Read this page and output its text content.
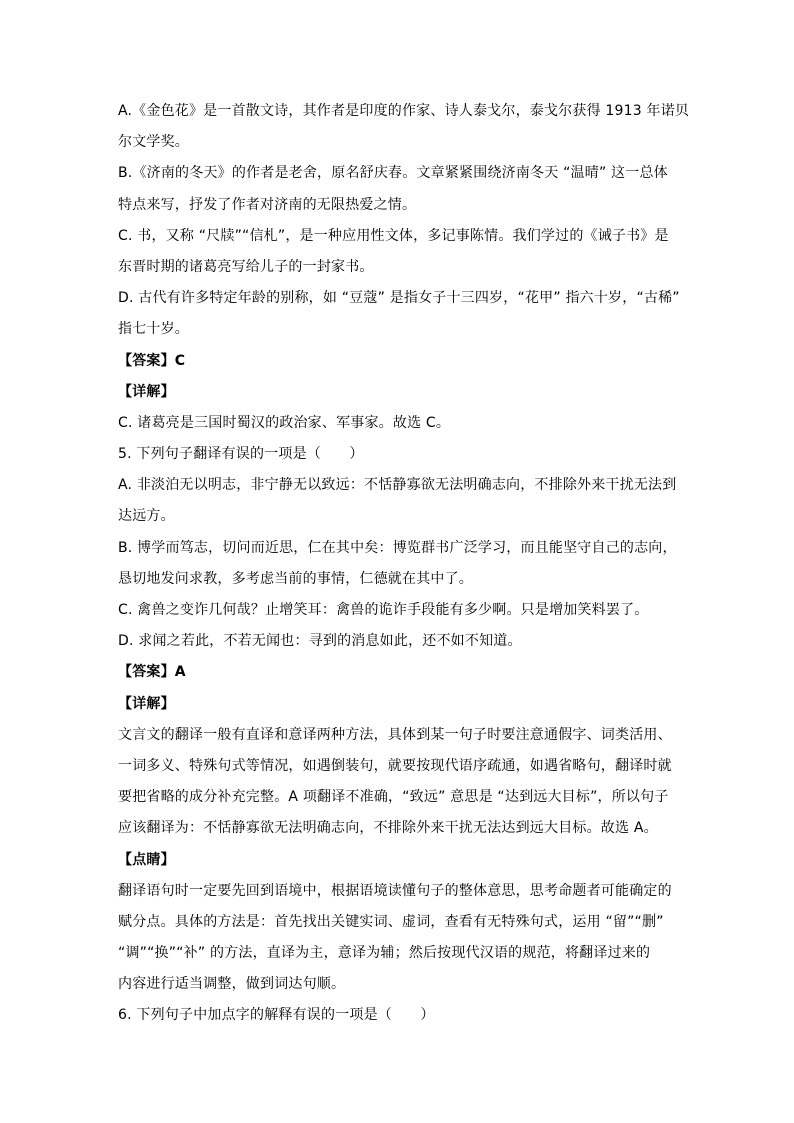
A.《金色花》是一首散文诗，其作者是印度的作家、诗人泰戈尔，泰戈尔获得 1913 年诺贝
尔文学奖。
B.《济南的冬天》的作者是老舍，原名舒庆春。文章紧紧围绕济南冬天 “温晴” 这一总体
特点来写，抒发了作者对济南的无限热爱之情。
C. 书，又称 “尺牍”“信札”，是一种应用性文体，多记事陈情。我们学过的《诫子书》是
东晋时期的诸葛亮写给儿子的一封家书。
D. 古代有许多特定年龄的别称，如 “豆蔻” 是指女子十三四岁，“花甲” 指六十岁，“古稀”
指七十岁。
【答案】C
【详解】
C. 诸葛亮是三国时蜀汉的政治家、军事家。故选 C。
5. 下列句子翻译有误的一项是（　　）
A. 非淡泊无以明志，非宁静无以致远：不恬静寡欲无法明确志向，不排除外来干扰无法到
达远方。
B. 博学而笃志，切问而近思，仁在其中矣：博览群书广泛学习，而且能坚守自己的志向，
恳切地发问求教，多考虑当前的事情，仁德就在其中了。
C. 禽兽之变诈几何哉？止增笑耳：禽兽的诡诈手段能有多少啊。只是增加笑料罢了。
D. 求闻之若此，不若无闻也：寻到的消息如此，还不如不知道。
【答案】A
【详解】
文言文的翻译一般有直译和意译两种方法，具体到某一句子时要注意通假字、词类活用、
一词多义、特殊句式等情况，如遇倒装句，就要按现代语序疏通，如遇省略句，翻译时就
要把省略的成分补充完整。A 项翻译不准确，“致远” 意思是 “达到远大目标”，所以句子
应该翻译为：不恬静寡欲无法明确志向，不排除外来干扰无法达到远大目标。故选 A。
【点睛】
翻译语句时一定要先回到语境中，根据语境读懂句子的整体意思，思考命题者可能确定的
赋分点。具体的方法是：首先找出关键实词、虚词，查看有无特殊句式，运用 “留”“删”
“调”“换”“补” 的方法，直译为主，意译为辅；然后按现代汉语的规范，将翻译过来的
内容进行适当调整，做到词达句顺。
6. 下列句子中加点字的解释有误的一项是（　　）
